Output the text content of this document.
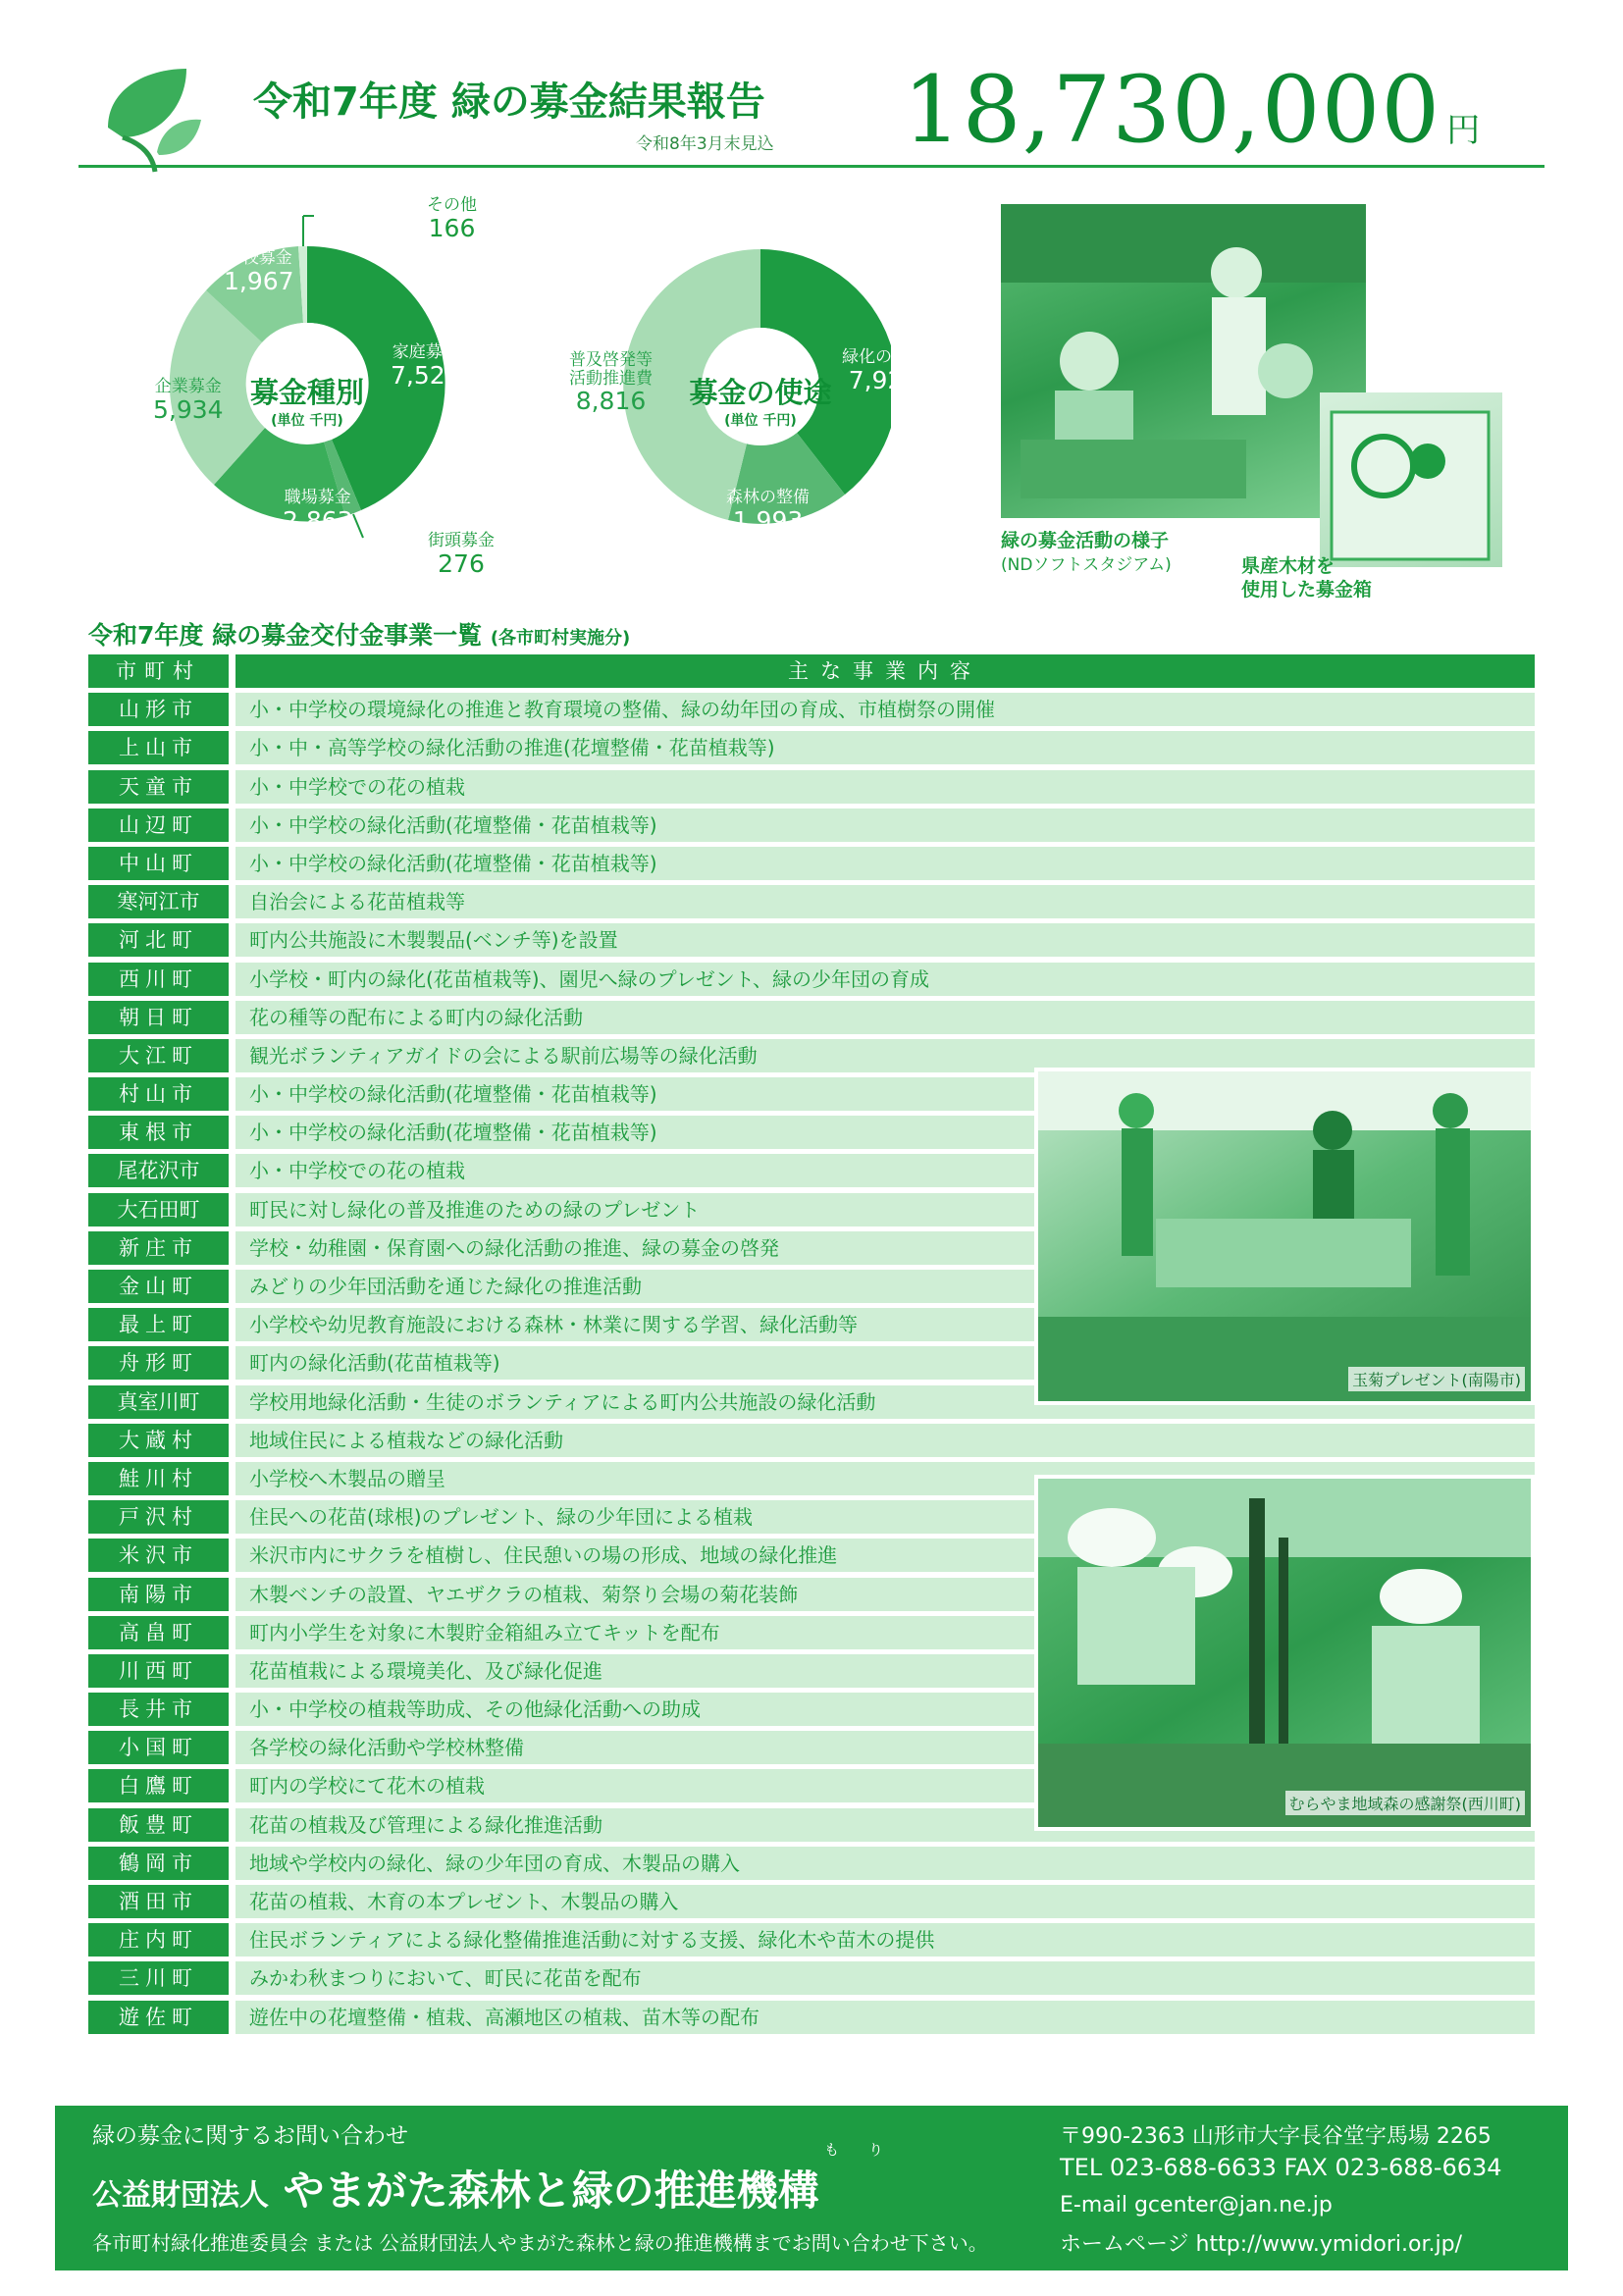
令和7年度 緑の募金結果報告
令和8年3月末見込 18,730,000 円
募金種別
(単位 千円)
家庭募金
7,524
街頭募金
276
職場募金
2,863
企業募金
5,934
学校募金
1,967
その他
166
募金の使途
(単位 千円)
緑化の推進
7,921
森林の整備
1,993
普及啓発等
活動推進費
8,816
緑の募金活動の様子
(NDソフトスタジアム)	県産木材を
使用した募金箱
令和7年度 緑の募金交付金事業一覧 (各市町村実施分)
市町村	主な事業内容
山形市	小・中学校の環境緑化の推進と教育環境の整備、緑の幼年団の育成、市植樹祭の開催
上山市	小・中・高等学校の緑化活動の推進(花壇整備・花苗植栽等)
天童市	小・中学校での花の植栽
山辺町	小・中学校の緑化活動(花壇整備・花苗植栽等)
中山町	小・中学校の緑化活動(花壇整備・花苗植栽等)
寒河江市	自治会による花苗植栽等
河北町	町内公共施設に木製製品(ベンチ等)を設置
西川町	小学校・町内の緑化(花苗植栽等)、園児へ緑のプレゼント、緑の少年団の育成
朝日町	花の種等の配布による町内の緑化活動
大江町	観光ボランティアガイドの会による駅前広場等の緑化活動
村山市	小・中学校の緑化活動(花壇整備・花苗植栽等)
東根市	小・中学校の緑化活動(花壇整備・花苗植栽等)
尾花沢市	小・中学校での花の植栽
大石田町	町民に対し緑化の普及推進のための緑のプレゼント
新庄市	学校・幼稚園・保育園への緑化活動の推進、緑の募金の啓発
金山町	みどりの少年団活動を通じた緑化の推進活動
最上町	小学校や幼児教育施設における森林・林業に関する学習、緑化活動等
舟形町	町内の緑化活動(花苗植栽等)
真室川町	学校用地緑化活動・生徒のボランティアによる町内公共施設の緑化活動
大蔵村	地域住民による植栽などの緑化活動
鮭川村	小学校へ木製品の贈呈
戸沢村	住民への花苗(球根)のプレゼント、緑の少年団による植栽
米沢市	米沢市内にサクラを植樹し、住民憩いの場の形成、地域の緑化推進
南陽市	木製ベンチの設置、ヤエザクラの植栽、菊祭り会場の菊花装飾
高畠町	町内小学生を対象に木製貯金箱組み立てキットを配布
川西町	花苗植栽による環境美化、及び緑化促進
長井市	小・中学校の植栽等助成、その他緑化活動への助成
小国町	各学校の緑化活動や学校林整備
白鷹町	町内の学校にて花木の植栽
飯豊町	花苗の植栽及び管理による緑化推進活動
鶴岡市	地域や学校内の緑化、緑の少年団の育成、木製品の購入
酒田市	花苗の植栽、木育の本プレゼント、木製品の購入
庄内町	住民ボランティアによる緑化整備推進活動に対する支援、緑化木や苗木の提供
三川町	みかわ秋まつりにおいて、町民に花苗を配布
遊佐町	遊佐中の花壇整備・植栽、高瀬地区の植栽、苗木等の配布
玉菊プレゼント(南陽市)
むらやま地域森の感謝祭(西川町)
緑の募金に関するお問い合わせ
もり
公益財団法人 やまがた森林と緑の推進機構
各市町村緑化推進委員会 または 公益財団法人やまがた森林と緑の推進機構までお問い合わせ下さい。
〒990-2363 山形市大字長谷堂字馬場 2265
TEL 023-688-6633 FAX 023-688-6634
E-mail gcenter@jan.ne.jp
ホームページ http://www.ymidori.or.jp/
